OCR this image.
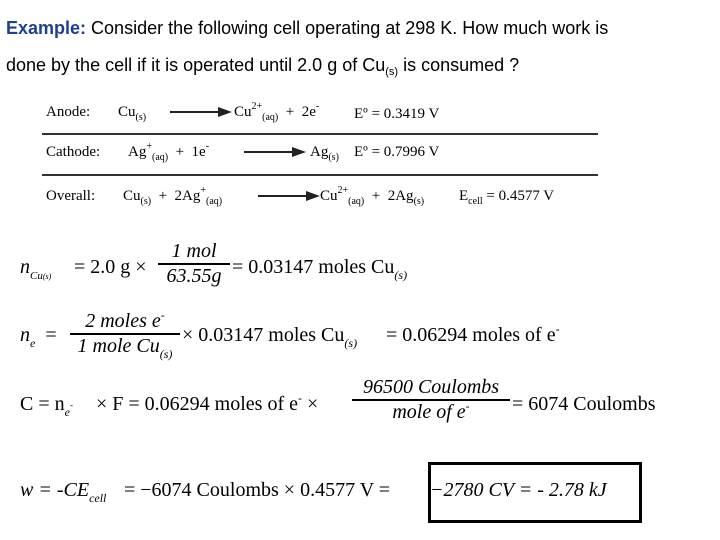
Example: Consider the following cell operating at 298 K. How much work is
done by the cell if it is operated until 2.0 g of $Cu_{(s)}$ is consumed ?
Anode: $Cu_{(s)}$	$Cu^{2+}_{(aq)} + 2e^-$ Eº = 0.3419 V
Cathode: $Ag^+_{(aq)} + 1e^-$	$Ag_{(s)}$ Eº = 0.7996 V
Overall: $Cu_{(s)} + 2Ag^+_{(aq)}$	$Cu^{2+}_{(aq)} + 2Ag_{(s)}$ $E_{cell} = 0.4577$ V
$n_{Cu(s)} = 2.0$ g ×
1 mol
63.55g = 0.03147 moles $Cu_{(s)}$
$n_e$  =
2 moles e-
1 mole $Cu_{(s)}$
× 0.03147 moles $Cu_{(s)} = 0.06294$ moles of e-
$C = n_{e^-} \times F = 0.06294$ moles of e- ×
96500 Coulombs
mole of e-	= 6074 Coulombs
$w = -CE_{cell} = -6074$ Coulombs × 0.4577 V = −2780 CV = - 2.78 kJ
